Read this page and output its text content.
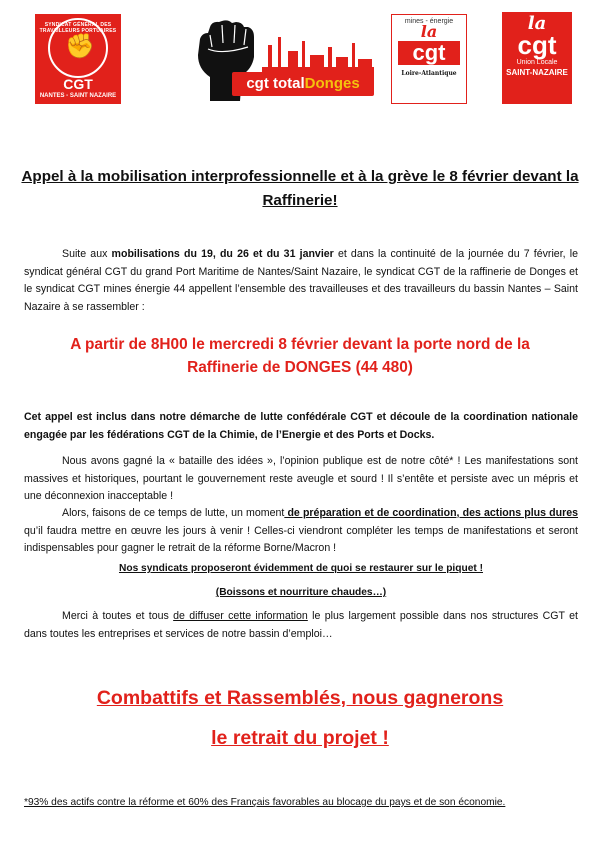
SYNDICAT GÉNÉRAL DES TRAVAILLEURS PORTUAIRES
✊
CGT
NANTES - SAINT NAZAIRE
cgt totalDonges
mines - énergie
la
cgt
Loire-Atlantique
la
cgt
Union Locale
SAINT-NAZAIRE
Appel à la mobilisation interprofessionnelle et à la grève le 8 février devant la Raffinerie!

Suite aux mobilisations du 19, du 26 et du 31 janvier et dans la continuité de la journée du 7 février, le syndicat général CGT du grand Port Maritime de Nantes/Saint Nazaire, le syndicat CGT de la raffinerie de Donges et le syndicat CGT mines énergie 44 appellent l’ensemble des travailleuses et des travailleurs du bassin Nantes – Saint Nazaire à se rassembler :

A partir de 8H00 le mercredi 8 février devant la porte nord de la
Raffinerie de DONGES (44 480)

Cet appel est inclus dans notre démarche de lutte confédérale CGT et découle de la coordination nationale engagée par les fédérations CGT de la Chimie, de l’Energie et des Ports et Docks.

Nous avons gagné la « bataille des idées », l’opinion publique est de notre côté* ! Les manifestations sont massives et historiques, pourtant le gouvernement reste aveugle et sourd ! Il s’entête et persiste avec un mépris et une déconnexion inacceptable !

Alors, faisons de ce temps de lutte, un moment de préparation et de coordination, des actions plus dures qu’il faudra mettre en œuvre les jours à venir ! Celles-ci viendront compléter les temps de manifestations et seront indispensables pour gagner le retrait de la réforme Borne/Macron !

Nos syndicats proposeront évidemment de quoi se restaurer sur le piquet !
(Boissons et nourriture chaudes…)

Merci à toutes et tous de diffuser cette information le plus largement possible dans nos structures CGT et dans toutes les entreprises et services de notre bassin d’emploi…

Combattifs et Rassemblés, nous gagnerons
le retrait du projet !
*93% des actifs contre la réforme et 60% des Français favorables au blocage du pays et de son économie.
